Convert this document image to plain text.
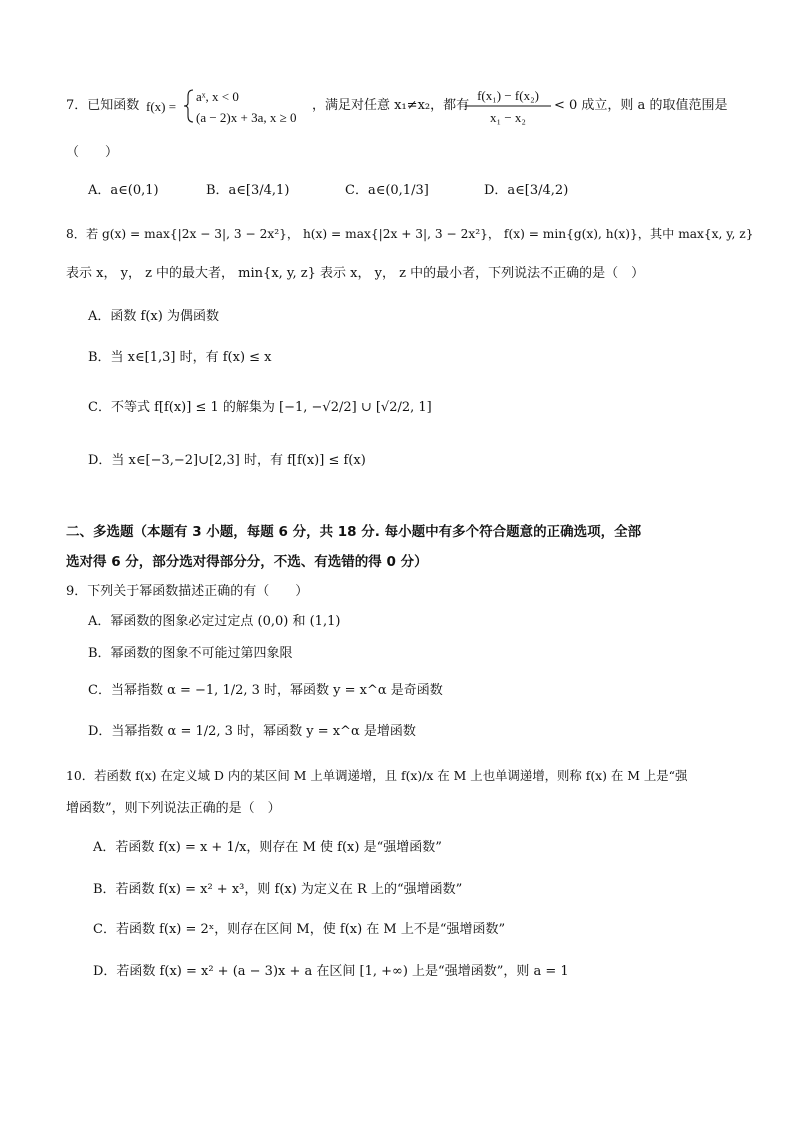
7．已知函数 f(x) =
aˣ, x < 0
(a − 2)x + 3a, x ≥ 0
，满足对任意 x₁≠x₂，都有
f(x₁) − f(x₂)
x₁ − x₂
< 0 成立，则 a 的取值范围是
（　　）
A．a∈(0,1)	B．a∈[3/4,1)	C．a∈(0,1/3]	D．a∈[3/4,2)
8．若 g(x) = max{|2x − 3|, 3 − 2x²}， h(x) = max{|2x + 3|, 3 − 2x²}， f(x) = min{g(x), h(x)}，其中 max{x, y, z}
表示 x， y， z 中的最大者， min{x, y, z} 表示 x， y， z 中的最小者，下列说法不正确的是（　）
A．函数 f(x) 为偶函数
B．当 x∈[1,3] 时，有 f(x) ≤ x
C．不等式 f[f(x)] ≤ 1 的解集为 [−1, −√2/2] ∪ [√2/2, 1]
D．当 x∈[−3,−2]∪[2,3] 时，有 f[f(x)] ≤ f(x)
二、多选题（本题有 3 小题，每题 6 分，共 18 分. 每小题中有多个符合题意的正确选项，全部
选对得 6 分，部分选对得部分分，不选、有选错的得 0 分）
9．下列关于幂函数描述正确的有（　　）
A．幂函数的图象必定过定点 (0,0) 和 (1,1)
B．幂函数的图象不可能过第四象限
C．当幂指数 α = −1, 1/2, 3 时，幂函数 y = x^α 是奇函数
D．当幂指数 α = 1/2, 3 时，幂函数 y = x^α 是增函数
10．若函数 f(x) 在定义域 D 内的某区间 M 上单调递增，且 f(x)/x 在 M 上也单调递增，则称 f(x) 在 M 上是“强
增函数”，则下列说法正确的是（　）
A．若函数 f(x) = x + 1/x，则存在 M 使 f(x) 是“强增函数”
B．若函数 f(x) = x² + x³，则 f(x) 为定义在 R 上的“强增函数”
C．若函数 f(x) = 2ˣ，则存在区间 M，使 f(x) 在 M 上不是“强增函数”
D．若函数 f(x) = x² + (a − 3)x + a 在区间 [1, +∞) 上是“强增函数”，则 a = 1
